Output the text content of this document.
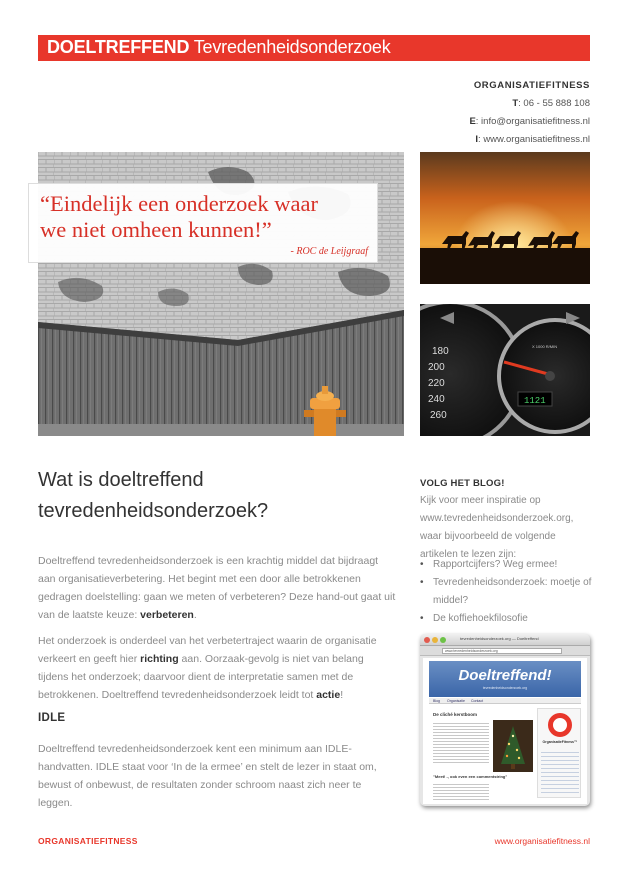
DOELTREFFEND Tevredenheidsonderzoek
ORGANISATIEFITNESS
T: 06 - 55 888 108
E: info@organisatiefitness.nl
I: www.organisatiefitness.nl
“Eindelijk een onderzoek waar
we niet omheen kunnen!”
- ROC de Leijgraaf
180
200
220
240
260
X 1000 R/MIN
1121
Wat is doeltreffend
tevredenheidsonderzoek?

Doeltreffend tevredenheidsonderzoek is een krachtig middel dat bijdraagt aan organisatieverbetering. Het begint met een door alle betrokkenen gedragen doelstelling: gaan we meten of verbeteren? Deze hand-out gaat uit van de laatste keuze: verbeteren.

Het onderzoek is onderdeel van het verbetertraject waarin de organisatie verkeert en geeft hier richting aan. Oorzaak-gevolg is niet van belang tijdens het onderzoek; daarvoor dient de interpretatie samen met de betrokkenen. Doeltreffend tevredenheidsonderzoek leidt tot actie!

IDLE

Doeltreffend tevredenheidsonderzoek kent een minimum aan IDLE-handvatten. IDLE staat voor ‘In de la ermee’ en stelt de lezer in staat om, bewust of onbewust, de resultaten zonder schroom naast zich neer te leggen.

VOLG HET BLOG!
Kijk voor meer inspiratie op www.tevredenheidsonderzoek.org, waar bijvoorbeeld de volgende artikelen te lezen zijn:
• Rapportcijfers? Weg ermee!
• Tevredenheidsonderzoek: moetje of middel?
• De koffiehoekfilosofie
tevredenheidsonderzoek.org — Doeltreffend
www.tevredenheidsonderzoek.org
Doeltreffend!
tevredenheidsonderzoek.org
Blog Organisatie Contact
De cliché kerstboom
"Meet! -, ook even een commentstring"
OrganisatieFitness™
ORGANISATIEFITNESS	www.organisatiefitness.nl
